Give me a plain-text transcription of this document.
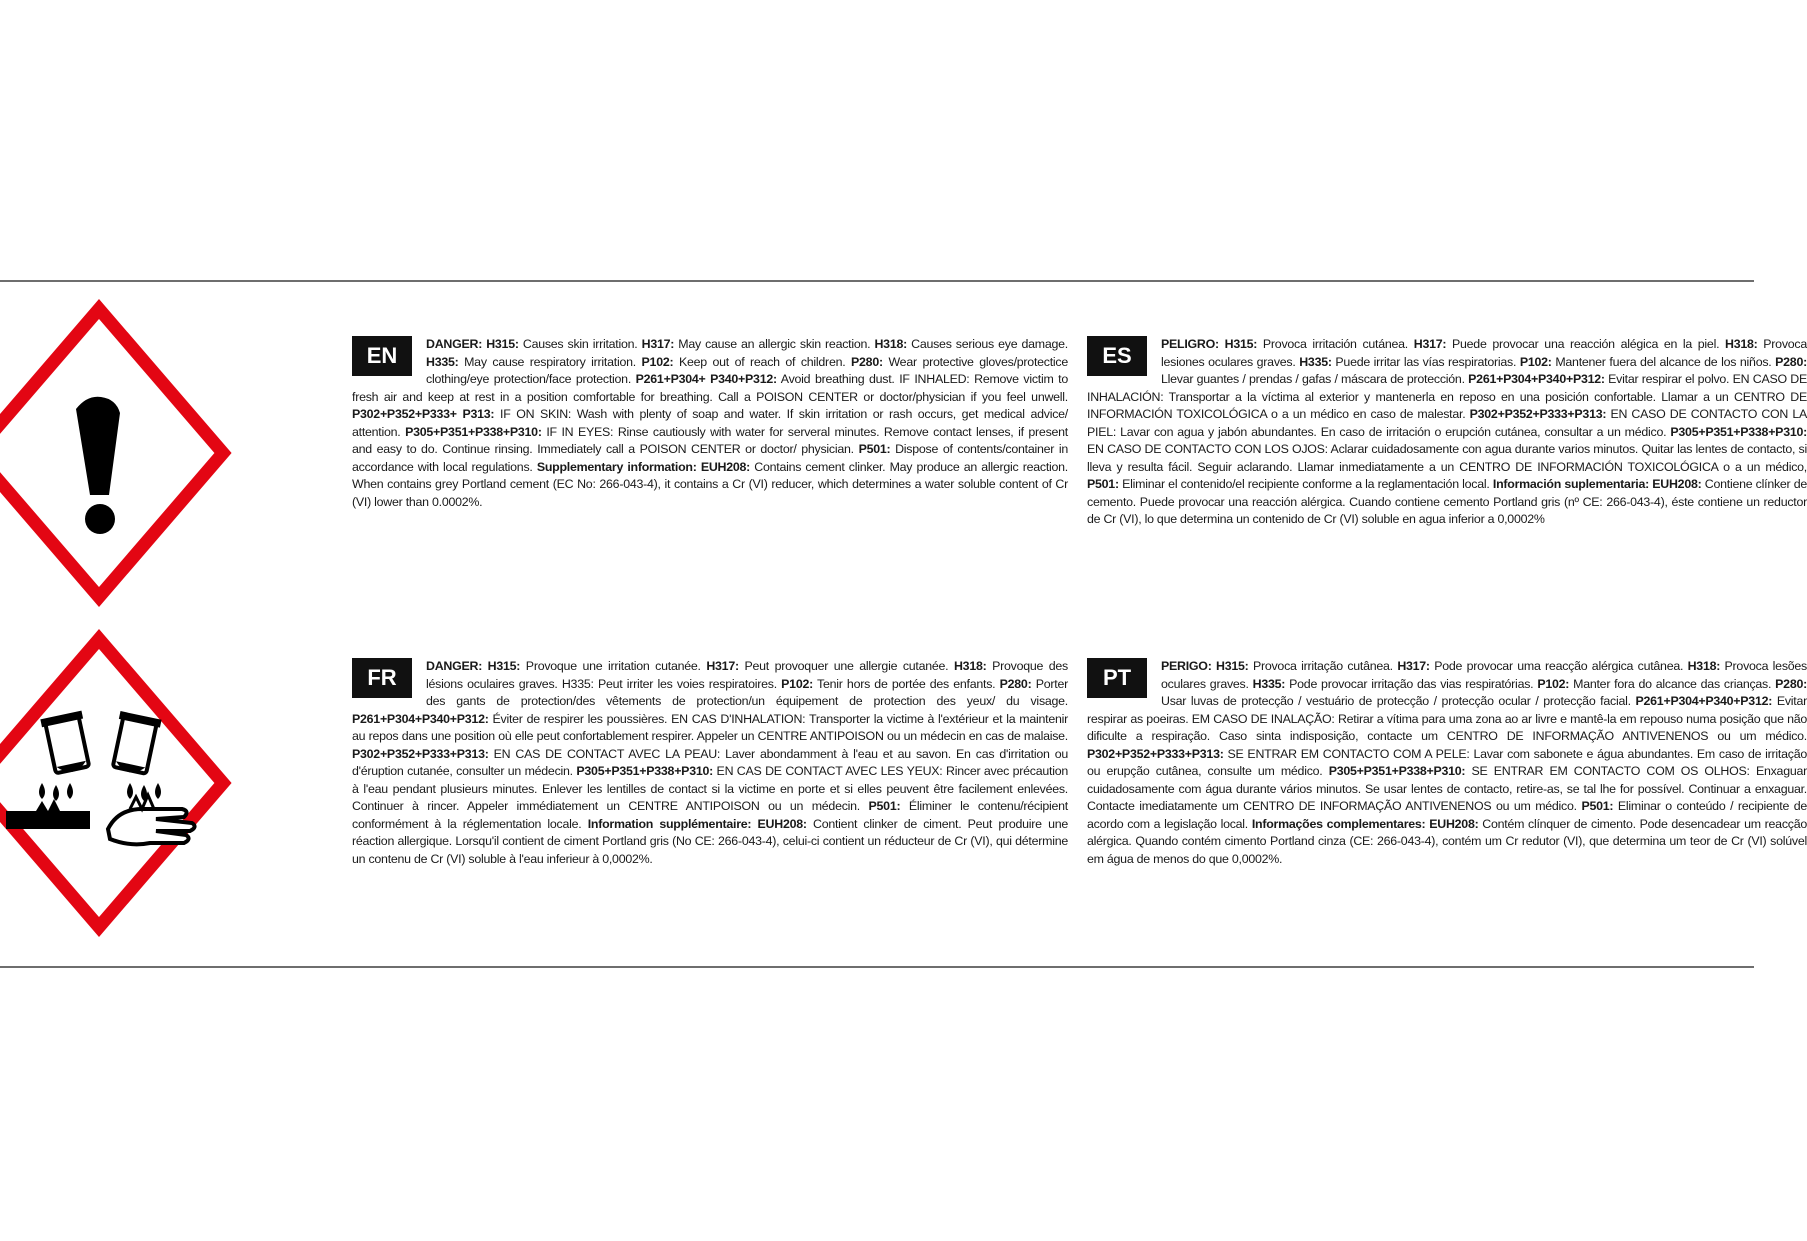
EN	DANGER: H315: Causes skin irritation. H317: May cause an allergic skin reaction. H318: Causes serious eye damage. H335: May cause respiratory irritation. P102: Keep out of reach of children. P280: Wear protective gloves/protectice clothing/eye protection/face protection. P261+P304+ P340+P312: Avoid breathing dust. IF INHALED: Remove victim to fresh air and keep at rest in a position comfortable for breathing. Call a POISON CENTER or doctor/physician if you feel unwell. P302+P352+P333+ P313: IF ON SKIN: Wash with plenty of soap and water. If skin irritation or rash occurs, get medical advice/ attention. P305+P351+P338+P310: IF IN EYES: Rinse cautiously with water for serveral minutes. Remove contact lenses, if present and easy to do. Continue rinsing. Immediately call a POISON CENTER or doctor/ physician. P501: Dispose of contents/container in accordance with local regulations. Supplementary information: EUH208: Contains cement clinker. May produce an allergic reaction. When contains grey Portland cement (EC No: 266-043-4), it contains a Cr (VI) reducer, which determines a water soluble content of Cr (VI) lower than 0.0002%.

ES	PELIGRO: H315: Provoca irritación cutánea. H317: Puede provocar una reacción alégica en la piel. H318: Provoca lesiones oculares graves. H335: Puede irritar las vías respiratorias. P102: Mantener fuera del alcance de los niños. P280: Llevar guantes / prendas / gafas / máscara de protección. P261+P304+P340+P312: Evitar respirar el polvo. EN CASO DE INHALACIÓN: Transportar a la víctima al exterior y mantenerla en reposo en una posición confortable. Llamar a un CENTRO DE INFORMACIÓN TOXICOLÓGICA o a un médico en caso de malestar. P302+P352+P333+P313: EN CASO DE CONTACTO CON LA PIEL: Lavar con agua y jabón abundantes. En caso de irritación o erupción cutánea, consultar a un médico. P305+P351+P338+P310: EN CASO DE CONTACTO CON LOS OJOS: Aclarar cuidadosamente con agua durante varios minutos. Quitar las lentes de contacto, si lleva y resulta fácil. Seguir aclarando. Llamar inmediatamente a un CENTRO DE INFORMACIÓN TOXICOLÓGICA o a un médico, P501: Eliminar el contenido/el recipiente conforme a la reglamentación local. Información suplementaria: EUH208: Contiene clínker de cemento. Puede provocar una reacción alérgica. Cuando contiene cemento Portland gris (nº CE: 266-043-4), éste contiene un reductor de Cr (VI), lo que determina un contenido de Cr (VI) soluble en agua inferior a 0,0002%

FR	DANGER: H315: Provoque une irritation cutanée. H317: Peut provoquer une allergie cutanée. H318: Provoque des lésions oculaires graves. H335: Peut irriter les voies respiratoires. P102: Tenir hors de portée des enfants. P280: Porter des gants de protection/des vêtements de protection/un équipement de protection des yeux/ du visage. P261+P304+P340+P312: Éviter de respirer les poussières. EN CAS D'INHALATION: Transporter la victime à l'extérieur et la maintenir au repos dans une position où elle peut confortablement respirer. Appeler un CENTRE ANTIPOISON ou un médecin en cas de malaise. P302+P352+P333+P313: EN CAS DE CONTACT AVEC LA PEAU: Laver abondamment à l'eau et au savon. En cas d'irritation ou d'éruption cutanée, consulter un médecin. P305+P351+P338+P310: EN CAS DE CONTACT AVEC LES YEUX: Rincer avec précaution à l'eau pendant plusieurs minutes. Enlever les lentilles de contact si la victime en porte et si elles peuvent être facilement enlevées. Continuer à rincer. Appeler immédiatement un CENTRE ANTIPOISON ou un médecin. P501: Éliminer le contenu/récipient conformément à la réglementation locale. Information supplémentaire: EUH208: Contient clinker de ciment. Peut produire une réaction allergique. Lorsqu'il contient de ciment Portland gris (No CE: 266-043-4), celui-ci contient un réducteur de Cr (VI), qui détermine un contenu de Cr (VI) soluble à l'eau inferieur à 0,0002%.

PT	PERIGO: H315: Provoca irritação cutânea. H317: Pode provocar uma reacção alérgica cutânea. H318: Provoca lesões oculares graves. H335: Pode provocar irritação das vias respiratórias. P102: Manter fora do alcance das crianças. P280: Usar luvas de protecção / vestuário de protecção / protecção ocular / protecção facial. P261+P304+P340+P312: Evitar respirar as poeiras. EM CASO DE INALAÇÃO: Retirar a vítima para uma zona ao ar livre e mantê-la em repouso numa posição que não dificulte a respiração. Caso sinta indisposição, contacte um CENTRO DE INFORMAÇÃO ANTIVENENOS ou um médico. P302+P352+P333+P313: SE ENTRAR EM CONTACTO COM A PELE: Lavar com sabonete e água abundantes. Em caso de irritação ou erupção cutânea, consulte um médico. P305+P351+P338+P310: SE ENTRAR EM CONTACTO COM OS OLHOS: Enxaguar cuidadosamente com água durante vários minutos. Se usar lentes de contacto, retire-as, se tal lhe for possível. Continuar a enxaguar. Contacte imediatamente um CENTRO DE INFORMAÇÃO ANTIVENENOS ou um médico. P501: Eliminar o conteúdo / recipiente de acordo com a legislação local. Informações complementares: EUH208: Contém clínquer de cimento. Pode desencadear um reacção alérgica. Quando contém cimento Portland cinza (CE: 266-043-4), contém um Cr redutor (VI), que determina um teor de Cr (VI) solúvel em água de menos do que 0,0002%.
